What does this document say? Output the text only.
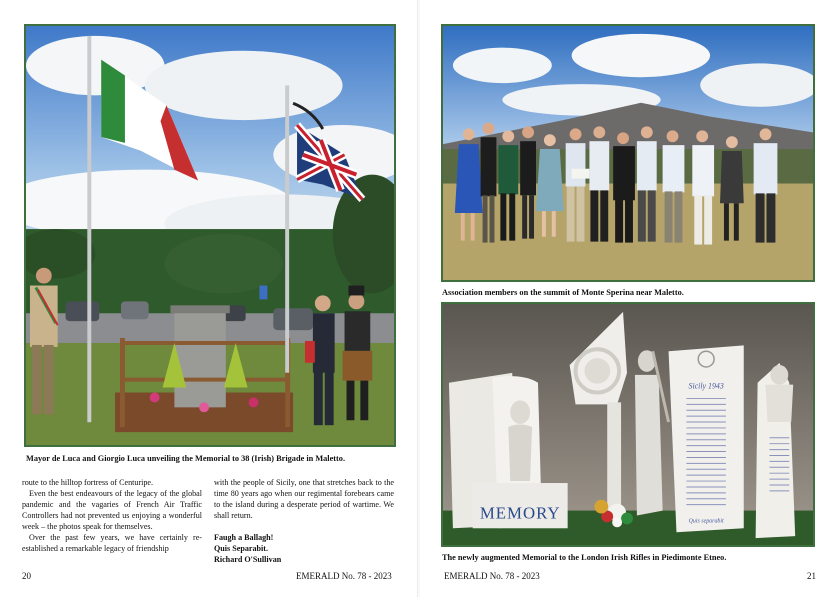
Mayor de Luca and Giorgio Luca unveiling the Memorial to 38 (Irish) Brigade in Maletto.

route to the hilltop fortress of Centuripe.

Even the best endeavours of the legacy of the global pandemic and the vagaries of French Air Traffic Controllers had not prevented us enjoying a wonderful week – the photos speak for themselves.

Over the past few years, we have certainly re-established a remarkable legacy of friendship

with the people of Sicily, one that stretches back to the time 80 years ago when our regimental forebears came to the island during a desperate period of wartime. We shall return.

Faugh a Ballagh!

Quis Separabit.

Richard O'Sullivan

20	EMERALD No. 78 - 2023
Association members on the summit of Monte Sperina near Maletto.
MEMORY
Sicily 1943
Quis separabit
The newly augmented Memorial to the London Irish Rifles in Piedimonte Etneo.
EMERALD No. 78 - 2023	21
